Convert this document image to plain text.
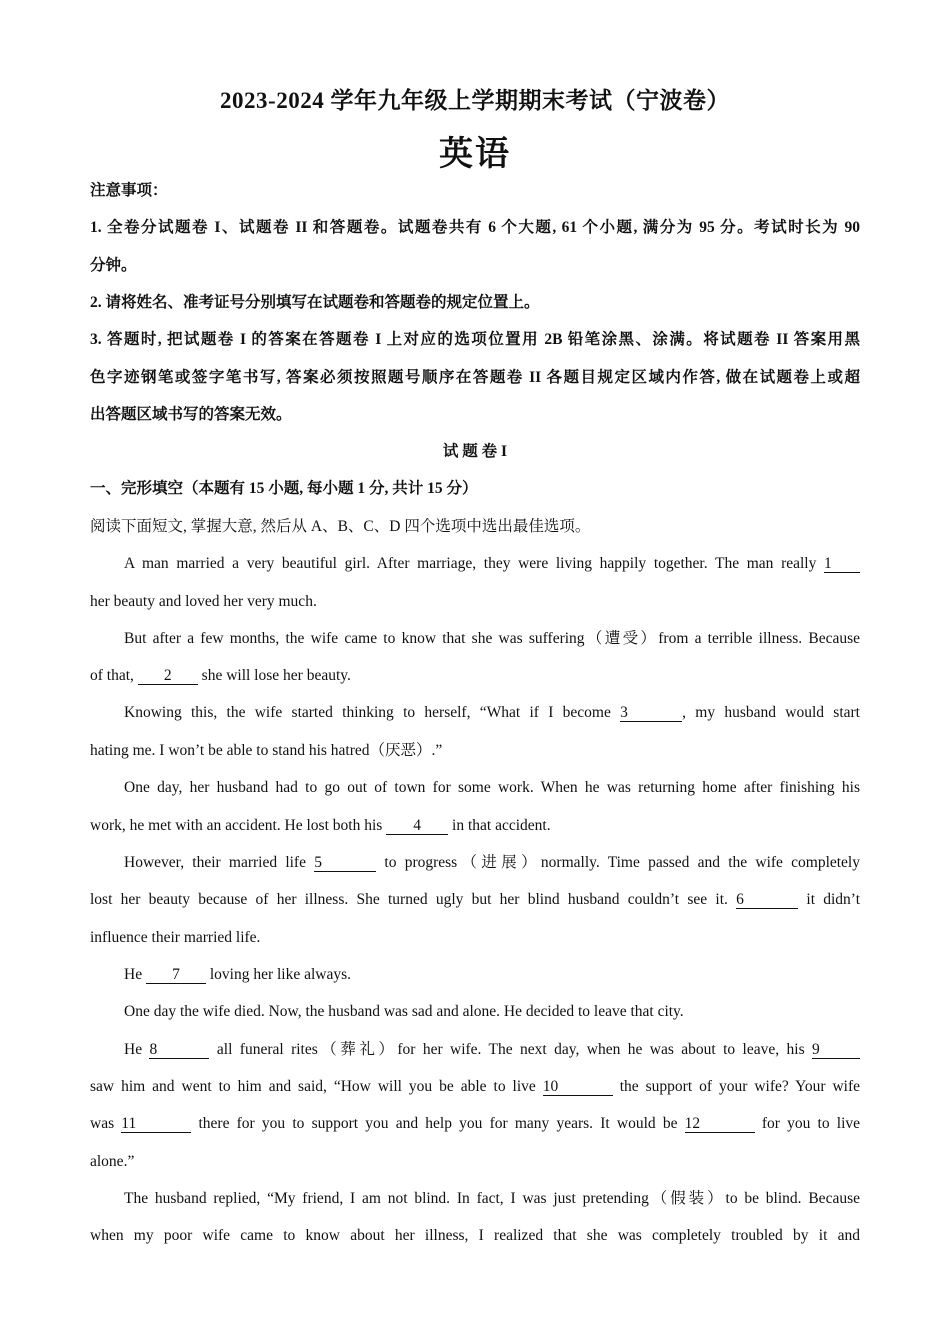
2023-2024 学年九年级上学期期末考试（宁波卷）
英语
注意事项：
1. 全卷分试题卷 I、试题卷 II 和答题卷。试题卷共有 6 个大题, 61 个小题, 满分为 95 分。考试时长为 90
分钟。
2. 请将姓名、准考证号分别填写在试题卷和答题卷的规定位置上。
3. 答题时, 把试题卷 I 的答案在答题卷 I 上对应的选项位置用 2B 铅笔涂黑、涂满。将试题卷 II 答案用黑
色字迹钢笔或签字笔书写, 答案必须按照题号顺序在答题卷 II 各题目规定区域内作答, 做在试题卷上或超
出答题区域书写的答案无效。
试 题 卷 I
一、完形填空（本题有 15 小题, 每小题 1 分, 共计 15 分）
阅读下面短文, 掌握大意, 然后从 A、B、C、D 四个选项中选出最佳选项。
A man married a very beautiful girl. After marriage, they were living happily together. The man really 1
her beauty and loved her very much.
But after a few months, the wife came to know that she was suffering（遭受）from a terrible illness. Because
of that, 2 she will lose her beauty.
Knowing this, the wife started thinking to herself, “What if I become 3	, my husband would start
hating me. I won’t be able to stand his hatred（厌恶）.”
One day, her husband had to go out of town for some work. When he was returning home after finishing his
work, he met with an accident. He lost both his 4 in that accident.
However, their married life 5	to progress（进展）normally. Time passed and the wife completely
lost her beauty because of her illness. She turned ugly but her blind husband couldn’t see it. 6	it didn’t
influence their married life.
He 7 loving her like always.
One day the wife died. Now, the husband was sad and alone. He decided to leave that city.
He 8	all funeral rites（葬礼）for her wife. The next day, when he was about to leave, his 9
saw him and went to him and said, “How will you be able to live 10	the support of your wife? Your wife
was 11	there for you to support you and help you for many years. It would be 12	for you to live
alone.”
The husband replied, “My friend, I am not blind. In fact, I was just pretending（假装）to be blind. Because
when my poor wife came to know about her illness, I realized that she was completely troubled by it and
